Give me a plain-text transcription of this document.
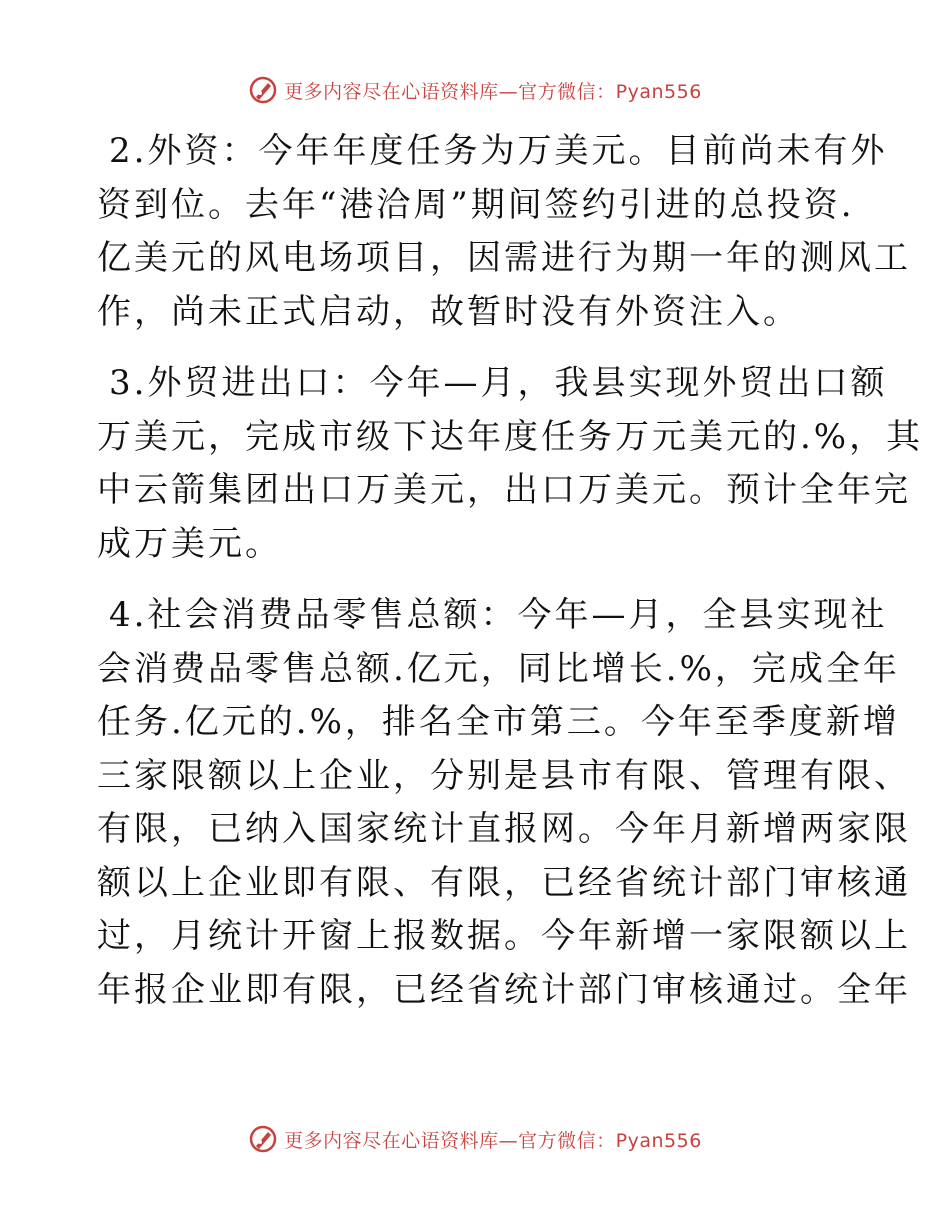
更多内容尽在心语资料库—官方微信：Pyan556
2.外资：今年年度任务为万美元。目前尚未有外
资到位。去年“港洽周”期间签约引进的总投资.
亿美元的风电场项目，因需进行为期一年的测风工
作，尚未正式启动，故暂时没有外资注入。
3.外贸进出口：今年—月，我县实现外贸出口额
万美元，完成市级下达年度任务万元美元的.%，其
中云箭集团出口万美元，出口万美元。预计全年完
成万美元。
4.社会消费品零售总额：今年—月，全县实现社
会消费品零售总额.亿元，同比增长.%，完成全年
任务.亿元的.%，排名全市第三。今年至季度新增
三家限额以上企业，分别是县市有限、管理有限、
有限，已纳入国家统计直报网。今年月新增两家限
额以上企业即有限、有限，已经省统计部门审核通
过，月统计开窗上报数据。今年新增一家限额以上
年报企业即有限，已经省统计部门审核通过。全年
更多内容尽在心语资料库—官方微信：Pyan556
